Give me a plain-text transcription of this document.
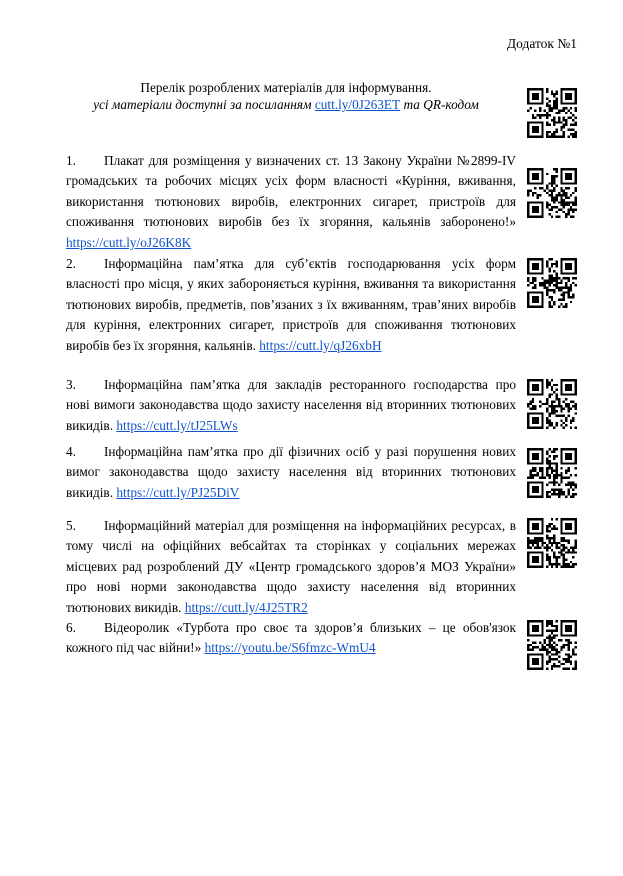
Додаток №1
Перелік розроблених матеріалів для інформування.
усі матеріали доступні за посиланням cutt.ly/0J263ET та QR-кодом
1. Плакат для розміщення у визначених ст. 13 Закону України №2899-IV громадських та робочих місцях усіх форм власності «Куріння, вживання, використання тютюнових виробів, електронних сигарет, пристроїв для споживання тютюнових виробів без їх згоряння, кальянів заборонено!» https://cutt.ly/oJ26K8K
2. Інформаційна пам’ятка для суб’єктів господарювання усіх форм власності про місця, у яких забороняється куріння, вживання та використання тютюнових виробів, предметів, пов’язаних з їх вживанням, трав’яних виробів для куріння, електронних сигарет, пристроїв для споживання тютюнових виробів без їх згоряння, кальянів. https://cutt.ly/qJ26xbH
3. Інформаційна пам’ятка для закладів ресторанного господарства про нові вимоги законодавства щодо захисту населення від вторинних тютюнових викидів. https://cutt.ly/tJ25LWs
4. Інформаційна пам’ятка про дії фізичних осіб у разі порушення нових вимог законодавства щодо захисту населення від вторинних тютюнових викидів. https://cutt.ly/PJ25DiV
5. Інформаційний матеріал для розміщення на інформаційних ресурсах, в тому числі на офіційних вебсайтах та сторінках у соціальних мережах місцевих рад розроблений ДУ «Центр громадського здоров’я МОЗ України» про нові норми законодавства щодо захисту населення від вторинних тютюнових викидів. https://cutt.ly/4J25TR2
6. Відеоролик «Турбота про своє та здоров’я близьких – це обов'язок кожного під час війни!» https://youtu.be/S6fmzc-WmU4
